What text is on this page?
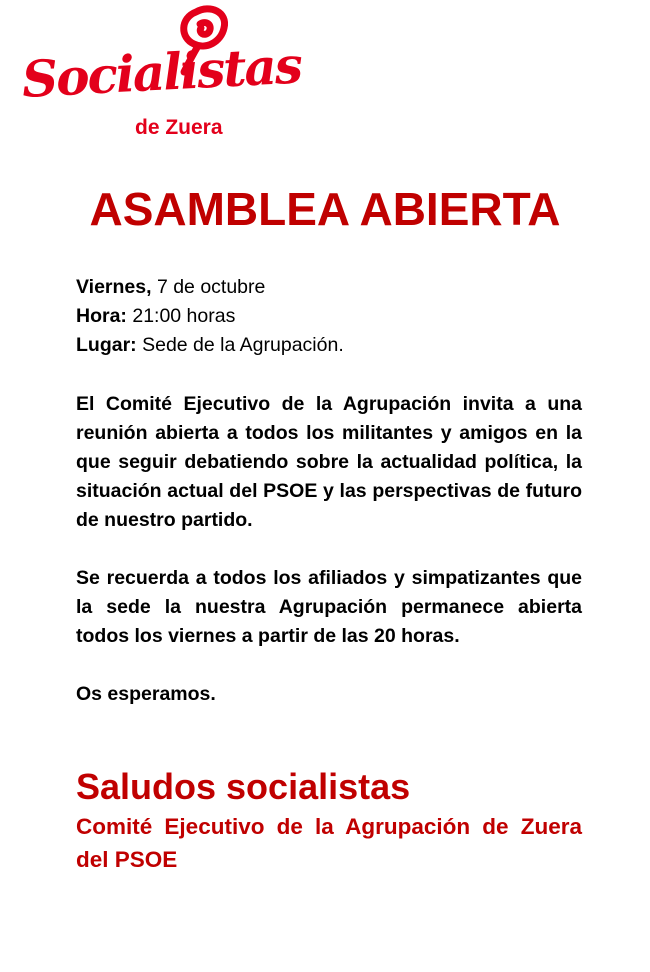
Socialistas
de Zuera
ASAMBLEA ABIERTA

Viernes, 7 de octubre

Hora: 21:00 horas

Lugar: Sede de la Agrupación.

El Comité Ejecutivo de la Agrupación invita a una reunión abierta a todos los militantes y amigos en la que seguir debatiendo sobre la actualidad política, la situación actual del PSOE y las perspectivas de futuro de nuestro partido.

Se recuerda a todos los afiliados y simpatizantes que la sede la nuestra Agrupación permanece abierta todos los viernes a partir de las 20 horas.

Os esperamos.

Saludos socialistas

Comité Ejecutivo de la Agrupación de Zuera del PSOE
